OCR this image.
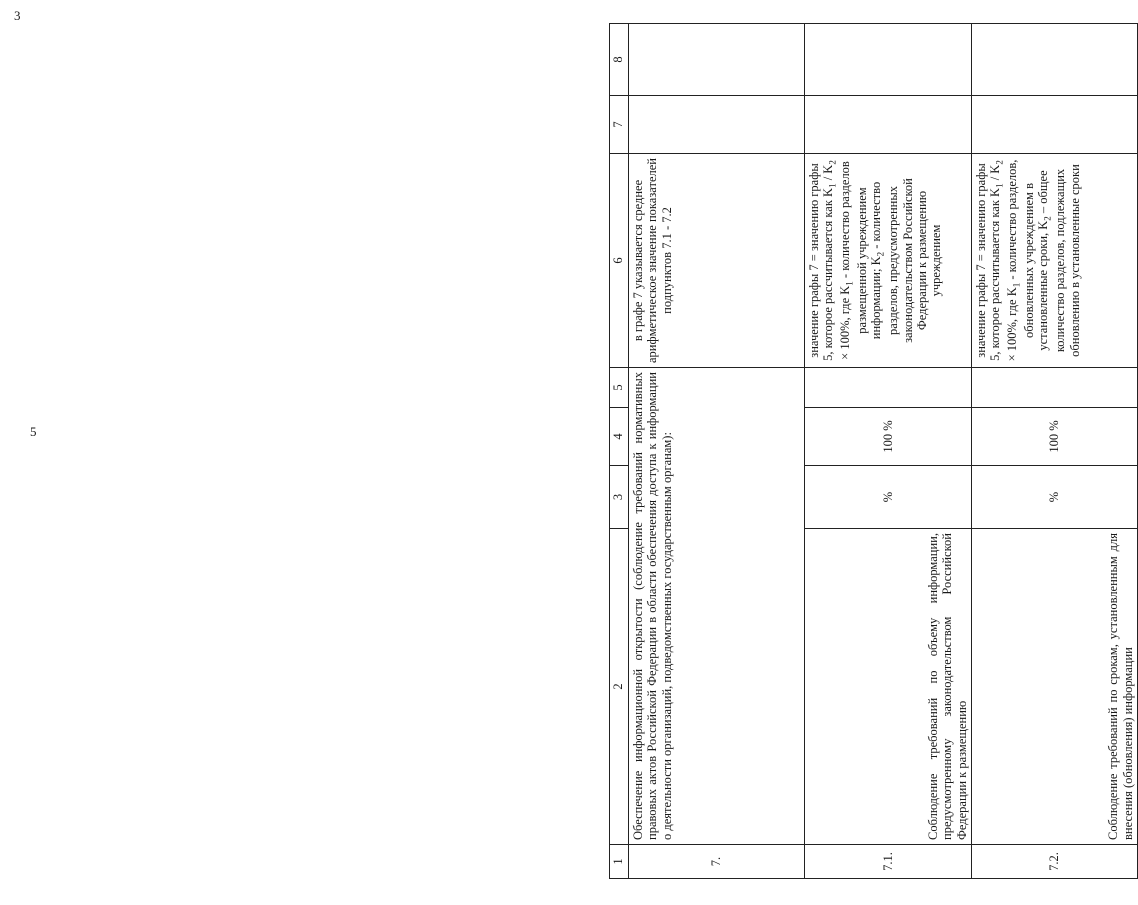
3
5
1	2	3	4	5	6	7	8
7.	Обеспечение информационной открытости (соблюдение требований нормативных правовых актов Российской Федерации в области обеспечения доступа к информации о деятельности организаций, подведомственных государственным органам):				в графе 7 указывается среднее арифметическое значение показателей подпунктов 7.1 - 7.2		
7.1.	Соблюдение требований по объему информации, предусмотренному законодательством Российской Федерации к размещению	%	100 %		значение графы 7 = значению графы 5, которое рассчитывается как $K_1 / K_2 \times 100\%$, где $K_1$ - количество разделов размещенной учреждением информации; $K_2$ - количество разделов, предусмотренных законодательством Российской Федерации к размещению учреждением		
7.2.	Соблюдение требований по срокам, установленным для внесения (обновления) информации	%	100 %		значение графы 7 = значению графы 5, которое рассчитывается как $K_1 / K_2 \times 100\%$, где $K_1$ - количество разделов, обновленных учреждением в установленные сроки, $K_2$ – общее количество разделов, подлежащих обновлению в установленные сроки		
